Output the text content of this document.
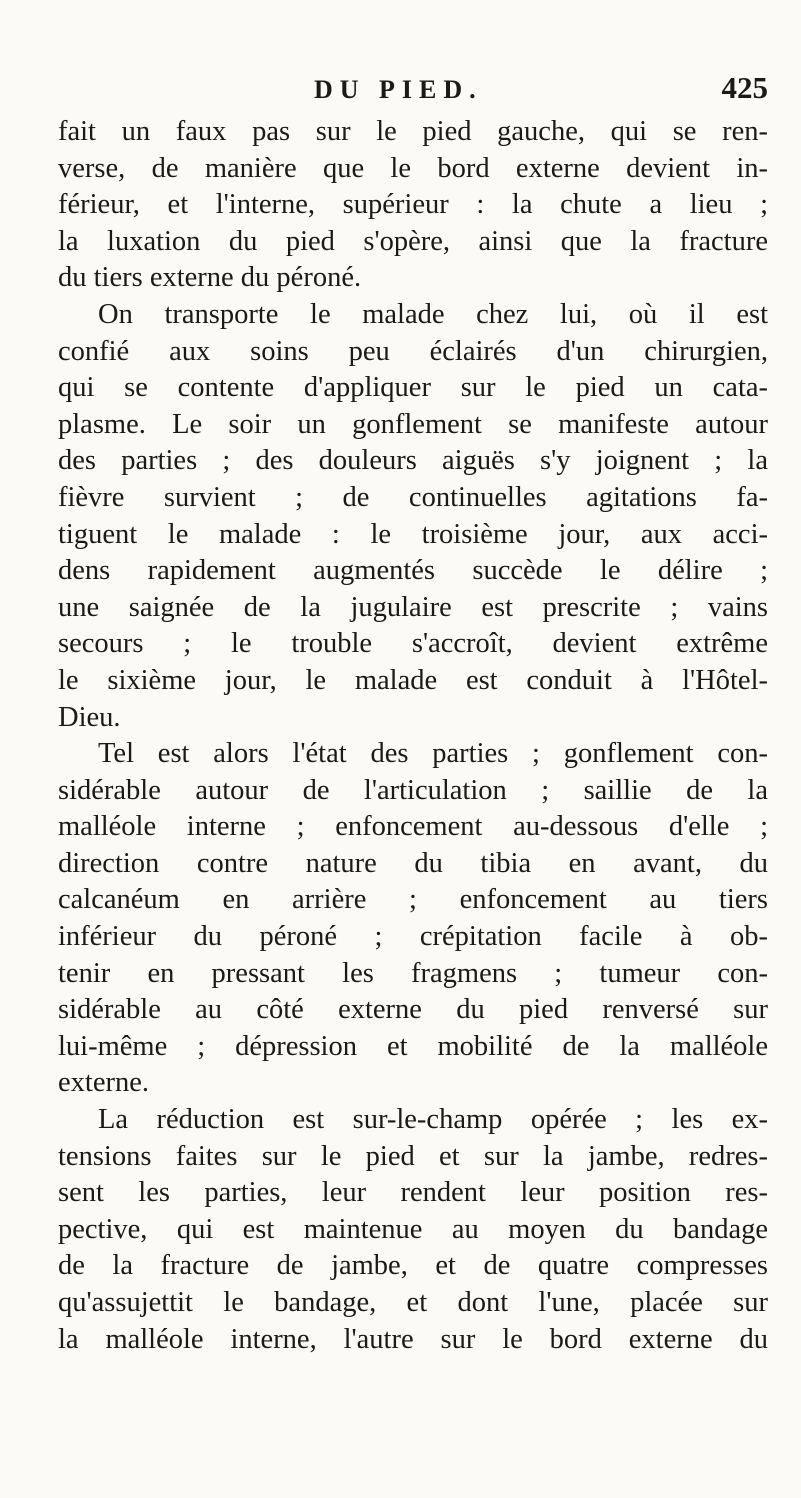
DU PIED.	425
fait un faux pas sur le pied gauche, qui se ren-
verse, de manière que le bord externe devient in-
férieur, et l'interne, supérieur : la chute a lieu ;
la luxation du pied s'opère, ainsi que la fracture
du tiers externe du péroné.
On transporte le malade chez lui, où il est
confié aux soins peu éclairés d'un chirurgien,
qui se contente d'appliquer sur le pied un cata-
plasme. Le soir un gonflement se manifeste autour
des parties ; des douleurs aiguës s'y joignent ; la
fièvre survient ; de continuelles agitations fa-
tiguent le malade : le troisième jour, aux acci-
dens rapidement augmentés succède le délire ;
une saignée de la jugulaire est prescrite ; vains
secours ; le trouble s'accroît, devient extrême
le sixième jour, le malade est conduit à l'Hôtel-
Dieu.
Tel est alors l'état des parties ; gonflement con-
sidérable autour de l'articulation ; saillie de la
malléole interne ; enfoncement au-dessous d'elle ;
direction contre nature du tibia en avant, du
calcanéum en arrière ; enfoncement au tiers
inférieur du péroné ; crépitation facile à ob-
tenir en pressant les fragmens ; tumeur con-
sidérable au côté externe du pied renversé sur
lui-même ; dépression et mobilité de la malléole
externe.
La réduction est sur-le-champ opérée ; les ex-
tensions faites sur le pied et sur la jambe, redres-
sent les parties, leur rendent leur position res-
pective, qui est maintenue au moyen du bandage
de la fracture de jambe, et de quatre compresses
qu'assujettit le bandage, et dont l'une, placée sur
la malléole interne, l'autre sur le bord externe du
